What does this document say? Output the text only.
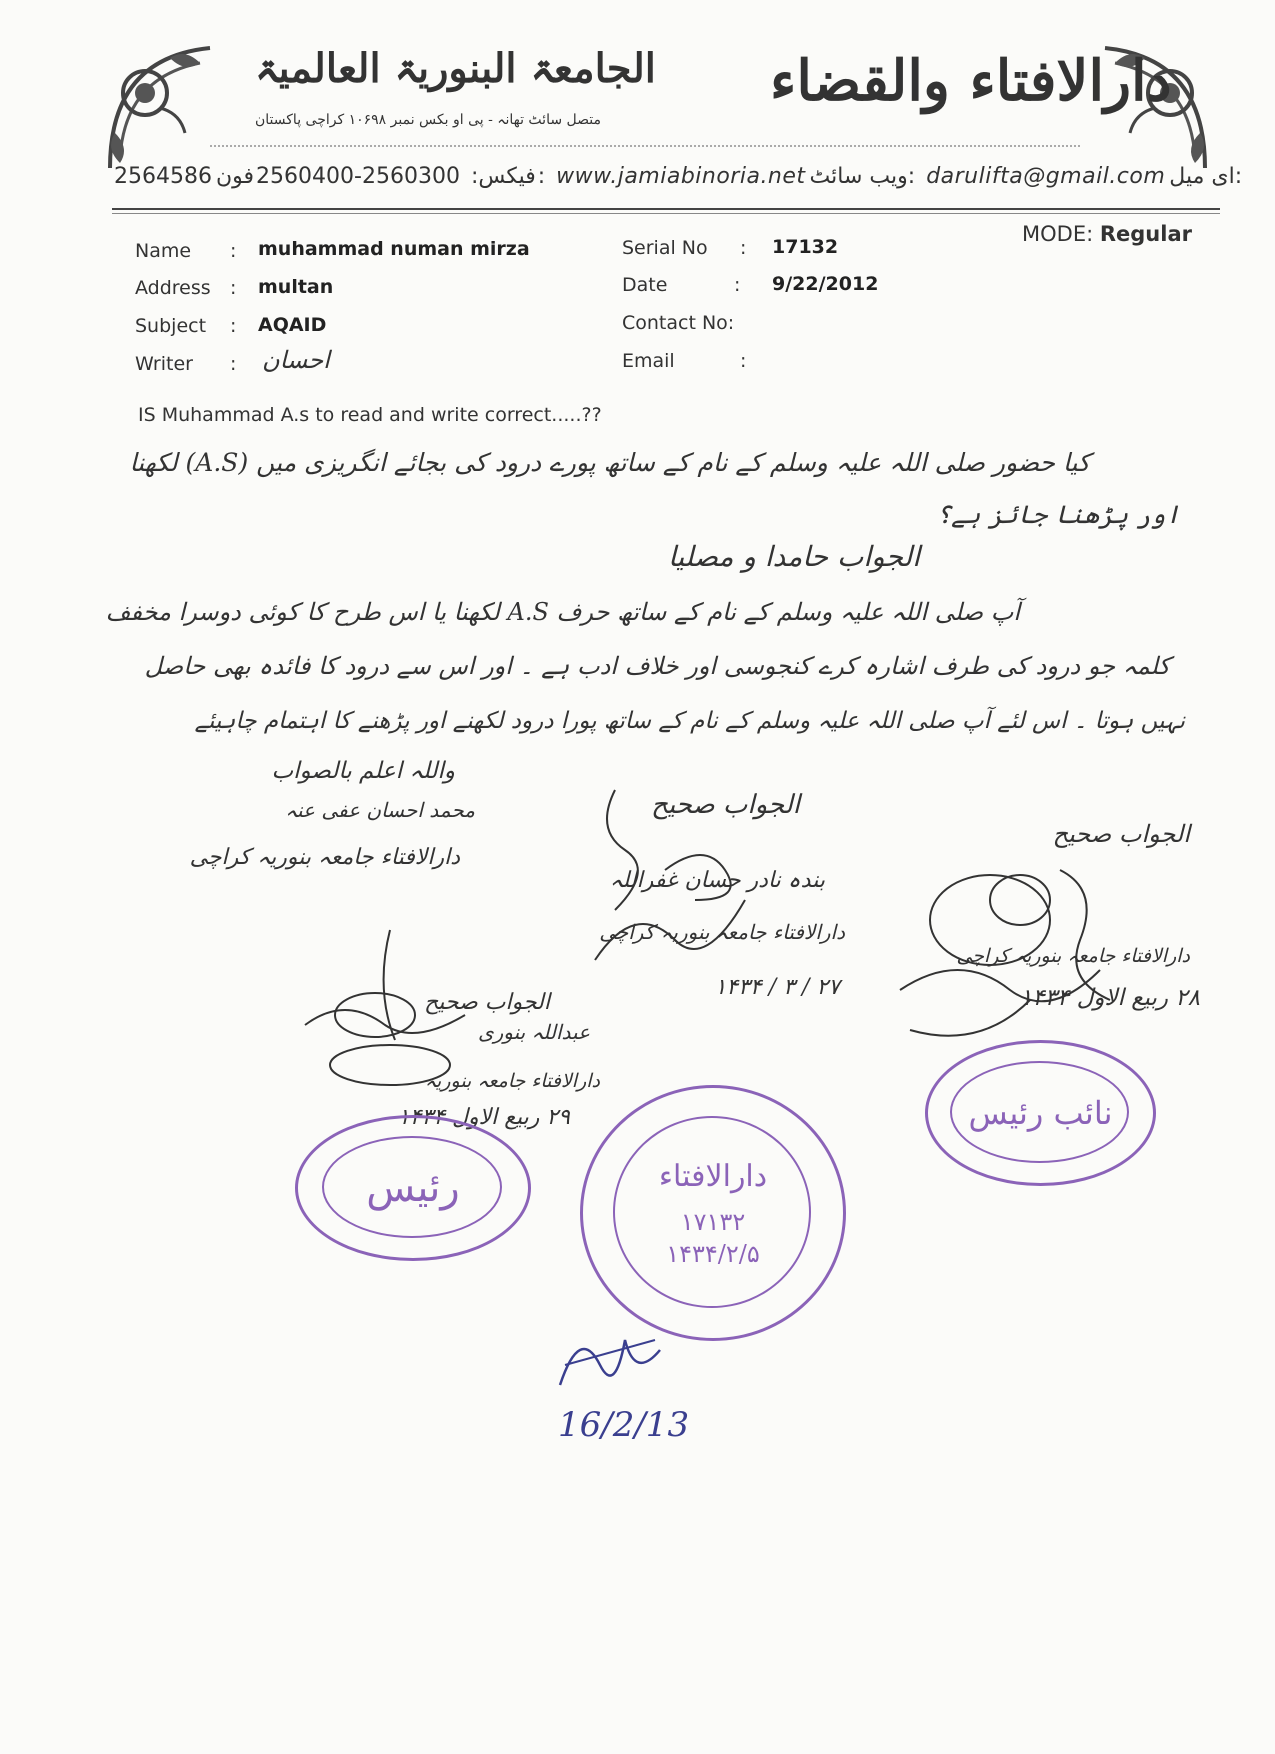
الجامعۃ البنوریۃ العالمیۃ
متصل سائٹ تھانہ - پی او بکس نمبر ۱۰۶۹۸ کراچی پاکستان
دارالافتاء والقضاء
2564586	فیکس: 2560300-2560400فون: www.jamiabinoria.net ویب سائٹ: darulifta@gmail.com ای میل:
Name : muhammad numan mirza
Address : multan
Subject : AQAID
Writer : احسان
Serial No : 17132
Date	: 9/22/2012
Contact No:
Email	:
MODE: Regular
IS Muhammad A.s to read and write correct.....??
کیا حضور صلی اللہ علیہ وسلم کے نام کے ساتھ پورے درود کی بجائے انگریزی میں (A.S) لکھنا
اور پڑھنا جائز ہے؟
الجواب حامدا و مصلیا
آپ صلی اللہ علیہ وسلم کے نام کے ساتھ حرف A.S لکھنا یا اس طرح کا کوئی دوسرا مخفف
کلمہ جو درود کی طرف اشارہ کرے کنجوسی اور خلاف ادب ہے ۔ اور اس سے درود کا فائدہ بھی حاصل
نہیں ہوتا ۔ اس لئے آپ صلی اللہ علیہ وسلم کے نام کے ساتھ پورا درود لکھنے اور پڑھنے کا اہتمام چاہیئے
واللہ اعلم بالصواب
محمد احسان عفی عنہ
دارالافتاء جامعہ بنوریہ کراچی
الجواب صحیح
بندہ نادر حسان غفراللہ
دارالافتاء جامعہ بنوریہ کراچی
۲۷ / ۳ / ۱۴۳۴
الجواب صحیح
دارالافتاء جامعہ بنوریہ کراچی
۲۸ ربیع الاول ۱۴۳۴
الجواب صحیح
عبداللہ بنوری
دارالافتاء جامعہ بنوریہ
۲۹ ربیع الاول ۱۴۳۴
رئیس	دارالافتاء
۱۷۱۳۲
۱۴۳۴/۲/۵
نائب رئیس
16/2/13
